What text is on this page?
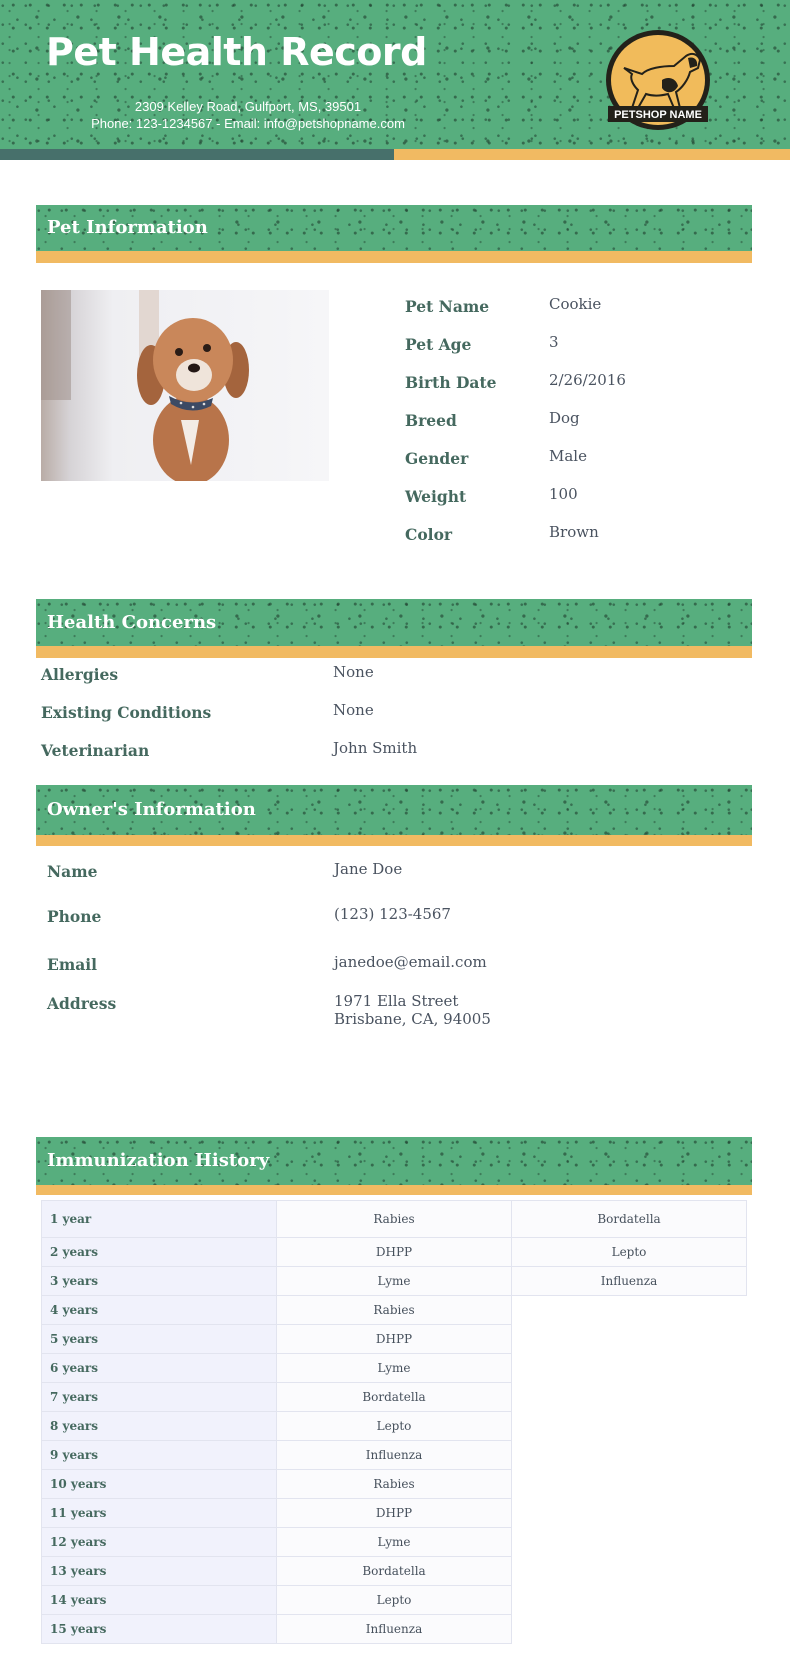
Pet Health Record
2309 Kelley Road, Gulfport, MS, 39501
Phone: 123-1234567 - Email: info@petshopname.com
PETSHOP NAME
Pet Information
Pet Name	Cookie
Pet Age	3
Birth Date	2/26/2016
Breed	Dog
Gender	Male
Weight	100
Color	Brown
Health Concerns
Allergies	None
Existing Conditions	None
Veterinarian	John Smith
Owner's Information
Name	Jane Doe
Phone	(123) 123-4567
Email	janedoe@email.com
Address	1971 Ella Street
Brisbane, CA, 94005
Immunization History
1 year	Rabies	Bordatella
2 years	DHPP	Lepto
3 years	Lyme	Influenza
4 years	Rabies	
5 years	DHPP	
6 years	Lyme	
7 years	Bordatella	
8 years	Lepto	
9 years	Influenza	
10 years	Rabies	
11 years	DHPP	
12 years	Lyme	
13 years	Bordatella	
14 years	Lepto	
15 years	Influenza	
